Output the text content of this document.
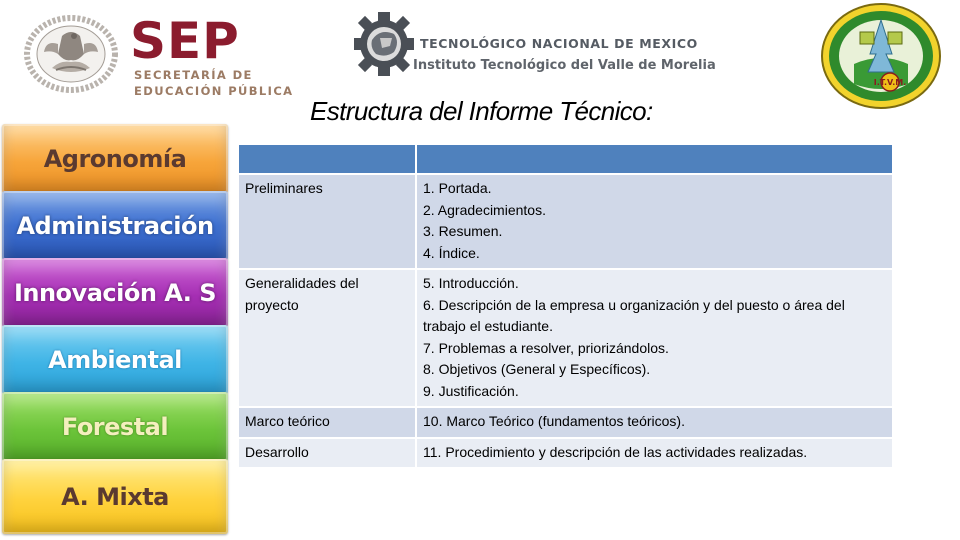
SEP
SECRETARÍA DE
EDUCACIÓN PÚBLICA
TECNOLÓGICO NACIONAL DE MEXICO
Instituto Tecnológico del Valle de Morelia
I.T.V.M.
Estructura del Informe Técnico:
Agronomía
Administración
Innovación A. S
Ambiental
Forestal
A. Mixta

Preliminares	1. Portada.
2. Agradecimientos.
3. Resumen.
4. Índice.

Generalidades del proyecto	5. Introducción.
6. Descripción de la empresa u organización y del puesto o área del trabajo el estudiante.
7. Problemas a resolver, priorizándolos.
8. Objetivos (General y Específicos).
9. Justificación.

Marco teórico	10. Marco Teórico (fundamentos teóricos).

Desarrollo	11. Procedimiento y descripción de las actividades realizadas.
